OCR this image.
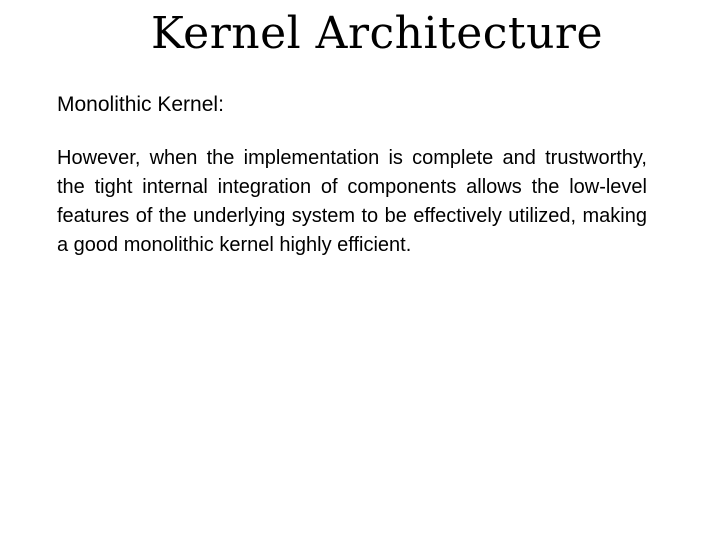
Kernel Architecture
Monolithic Kernel:

However, when the implementation is complete and trustworthy, the tight internal integration of components allows the low-level features of the underlying system to be effectively utilized, making a good monolithic kernel highly efficient.
